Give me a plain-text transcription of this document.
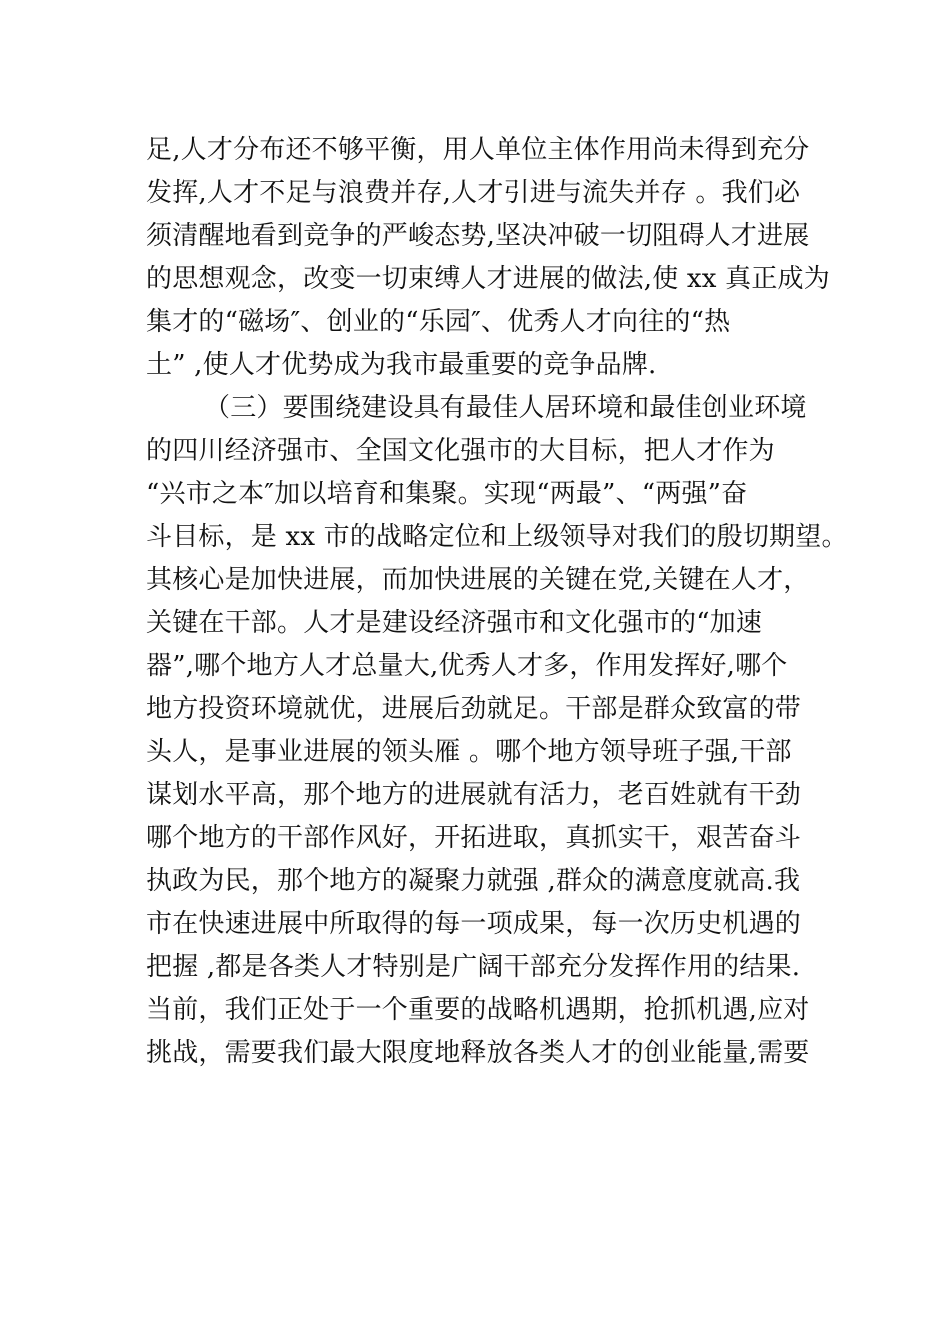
足,人才分布还不够平衡，用人单位主体作用尚未得到充分
发挥,人才不足与浪费并存,人才引进与流失并存 。我们必
须清醒地看到竞争的严峻态势,坚决冲破一切阻碍人才进展
的思想观念，改变一切束缚人才进展的做法,使 xx 真正成为
集才的“磁场″、创业的“乐园″、优秀人才向往的“热
土” ,使人才优势成为我市最重要的竞争品牌.
（三）要围绕建设具有最佳人居环境和最佳创业环境
的四川经济强市、全国文化强市的大目标，把人才作为
“兴市之本″加以培育和集聚。实现“两最”、“两强”奋
斗目标，是 xx 市的战略定位和上级领导对我们的殷切期望。
其核心是加快进展，而加快进展的关键在党,关键在人才，
关键在干部。人才是建设经济强市和文化强市的“加速
器”,哪个地方人才总量大,优秀人才多，作用发挥好,哪个
地方投资环境就优，进展后劲就足。干部是群众致富的带
头人，是事业进展的领头雁 。哪个地方领导班子强,干部
谋划水平高，那个地方的进展就有活力，老百姓就有干劲
哪个地方的干部作风好，开拓进取，真抓实干，艰苦奋斗
执政为民，那个地方的凝聚力就强 ,群众的满意度就高.我
市在快速进展中所取得的每一项成果，每一次历史机遇的
把握 ,都是各类人才特别是广阔干部充分发挥作用的结果.
当前，我们正处于一个重要的战略机遇期，抢抓机遇,应对
挑战，需要我们最大限度地释放各类人才的创业能量,需要
